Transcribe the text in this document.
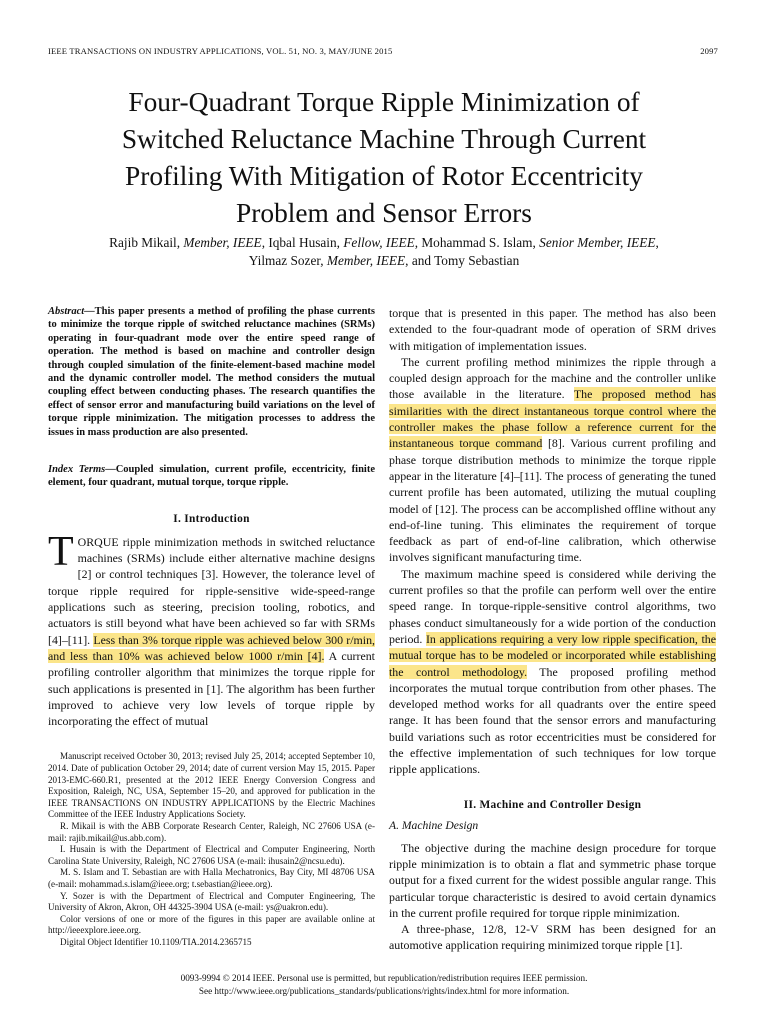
IEEE TRANSACTIONS ON INDUSTRY APPLICATIONS, VOL. 51, NO. 3, MAY/JUNE 2015	2097
Four-Quadrant Torque Ripple Minimization of
Switched Reluctance Machine Through Current
Profiling With Mitigation of Rotor Eccentricity
Problem and Sensor Errors
Rajib Mikail, Member, IEEE, Iqbal Husain, Fellow, IEEE, Mohammad S. Islam, Senior Member, IEEE,
Yilmaz Sozer, Member, IEEE, and Tomy Sebastian

Abstract—This paper presents a method of profiling the phase currents to minimize the torque ripple of switched reluctance machines (SRMs) operating in four-quadrant mode over the entire speed range of operation. The method is based on machine and controller design through coupled simulation of the finite-element-based machine model and the dynamic controller model. The method considers the mutual coupling effect between conducting phases. The research quantifies the effect of sensor error and manufacturing build variations on the level of torque ripple minimization. The mitigation processes to address the issues in mass production are also presented.

Index Terms—Coupled simulation, current profile, eccentricity, finite element, four quadrant, mutual torque, torque ripple.

I. Introduction

TORQUE ripple minimization methods in switched reluctance machines (SRMs) include either alternative machine designs [2] or control techniques [3]. However, the tolerance level of torque ripple required for ripple-sensitive wide-speed-range applications such as steering, precision tooling, robotics, and actuators is still beyond what have been achieved so far with SRMs [4]–[11]. Less than 3% torque ripple was achieved below 300 r/min, and less than 10% was achieved below 1000 r/min [4]. A current profiling controller algorithm that minimizes the torque ripple for such applications is presented in [1]. The algorithm has been further improved to achieve very low levels of torque ripple by incorporating the effect of mutual

Manuscript received October 30, 2013; revised July 25, 2014; accepted September 10, 2014. Date of publication October 29, 2014; date of current version May 15, 2015. Paper 2013-EMC-660.R1, presented at the 2012 IEEE Energy Conversion Congress and Exposition, Raleigh, NC, USA, September 15–20, and approved for publication in the IEEE TRANSACTIONS ON INDUSTRY APPLICATIONS by the Electric Machines Committee of the IEEE Industry Applications Society.

R. Mikail is with the ABB Corporate Research Center, Raleigh, NC 27606 USA (e-mail: rajib.mikail@us.abb.com).

I. Husain is with the Department of Electrical and Computer Engineering, North Carolina State University, Raleigh, NC 27606 USA (e-mail: ihusain2@ncsu.edu).

M. S. Islam and T. Sebastian are with Halla Mechatronics, Bay City, MI 48706 USA (e-mail: mohammad.s.islam@ieee.org; t.sebastian@ieee.org).

Y. Sozer is with the Department of Electrical and Computer Engineering, The University of Akron, Akron, OH 44325-3904 USA (e-mail: ys@uakron.edu).

Color versions of one or more of the figures in this paper are available online at http://ieeexplore.ieee.org.

Digital Object Identifier 10.1109/TIA.2014.2365715

torque that is presented in this paper. The method has also been extended to the four-quadrant mode of operation of SRM drives with mitigation of implementation issues.

The current profiling method minimizes the ripple through a coupled design approach for the machine and the controller unlike those available in the literature. The proposed method has similarities with the direct instantaneous torque control where the controller makes the phase follow a reference current for the instantaneous torque command [8]. Various current profiling and phase torque distribution methods to minimize the torque ripple appear in the literature [4]–[11]. The process of generating the tuned current profile has been automated, utilizing the mutual coupling model of [12]. The process can be accomplished offline without any end-of-line tuning. This eliminates the requirement of torque feedback as part of end-of-line calibration, which otherwise involves significant manufacturing time.

The maximum machine speed is considered while deriving the current profiles so that the profile can perform well over the entire speed range. In torque-ripple-sensitive control algorithms, two phases conduct simultaneously for a wide portion of the conduction period. In applications requiring a very low ripple specification, the mutual torque has to be modeled or incorporated while establishing the control methodology. The proposed profiling method incorporates the mutual torque contribution from other phases. The developed method works for all quadrants over the entire speed range. It has been found that the sensor errors and manufacturing build variations such as rotor eccentricities must be considered for the effective implementation of such techniques for low torque ripple applications.

II. Machine and Controller Design

A. Machine Design

The objective during the machine design procedure for torque ripple minimization is to obtain a flat and symmetric phase torque output for a fixed current for the widest possible angular range. This particular torque characteristic is desired to avoid certain dynamics in the current profile required for torque ripple minimization.

A three-phase, 12/8, 12-V SRM has been designed for an automotive application requiring minimized torque ripple [1].

0093-9994 © 2014 IEEE. Personal use is permitted, but republication/redistribution requires IEEE permission.
See http://www.ieee.org/publications_standards/publications/rights/index.html for more information.
